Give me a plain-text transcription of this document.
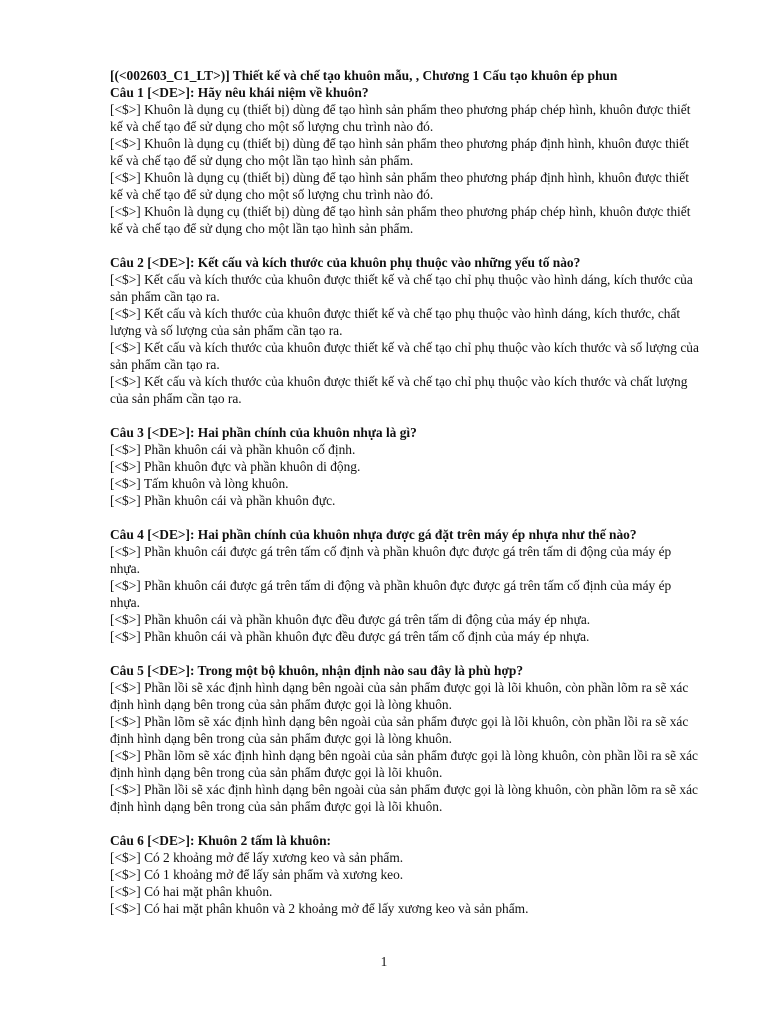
[(<002603_C1_LT>)] Thiết kế và chế tạo khuôn mẫu, , Chương 1 Cấu tạo khuôn ép phun
Câu 1 [<DE>]: Hãy nêu khái niệm về khuôn?
[<$>] Khuôn là dụng cụ (thiết bị) dùng để tạo hình sản phẩm theo phương pháp chép hình, khuôn được thiết kế và chế tạo để sử dụng cho một số lượng chu trình nào đó.
[<$>] Khuôn là dụng cụ (thiết bị) dùng để tạo hình sản phẩm theo phương pháp định hình, khuôn được thiết kế và chế tạo để sử dụng cho một lần tạo hình sản phẩm.
[<$>] Khuôn là dụng cụ (thiết bị) dùng để tạo hình sản phẩm theo phương pháp định hình, khuôn được thiết kế và chế tạo để sử dụng cho một số lượng chu trình nào đó.
[<$>] Khuôn là dụng cụ (thiết bị) dùng để tạo hình sản phẩm theo phương pháp chép hình, khuôn được thiết kế và chế tạo để sử dụng cho một lần tạo hình sản phẩm.
Câu 2 [<DE>]: Kết cấu và kích thước của khuôn phụ thuộc vào những yếu tố nào?
[<$>] Kết cấu và kích thước của khuôn được thiết kế và chế tạo chỉ phụ thuộc vào hình dáng, kích thước của sản phẩm cần tạo ra.
[<$>] Kết cấu và kích thước của khuôn được thiết kế và chế tạo phụ thuộc vào hình dáng, kích thước, chất lượng và số lượng của sản phẩm cần tạo ra.
[<$>] Kết cấu và kích thước của khuôn được thiết kế và chế tạo chỉ phụ thuộc vào kích thước và số lượng của sản phẩm cần tạo ra.
[<$>] Kết cấu và kích thước của khuôn được thiết kế và chế tạo chỉ phụ thuộc vào kích thước và chất lượng của sản phẩm cần tạo ra.
Câu 3 [<DE>]: Hai phần chính của khuôn nhựa là gì?
[<$>] Phần khuôn cái và phần khuôn cố định.
[<$>] Phần khuôn đực và phần khuôn di động.
[<$>] Tấm khuôn và lòng khuôn.
[<$>] Phần khuôn cái và phần khuôn đực.
Câu 4 [<DE>]: Hai phần chính của khuôn nhựa được gá đặt trên máy ép nhựa như thế nào?
[<$>] Phần khuôn cái được gá trên tấm cố định và phần khuôn đực được gá trên tấm di động của máy ép nhựa.
[<$>] Phần khuôn cái được gá trên tấm di động và phần khuôn đực được gá trên tấm cố định của máy ép nhựa.
[<$>] Phần khuôn cái và phần khuôn đực đều được gá trên tấm di động của máy ép nhựa.
[<$>] Phần khuôn cái và phần khuôn đực đều được gá trên tấm cố định của máy ép nhựa.
Câu 5 [<DE>]: Trong một bộ khuôn, nhận định nào sau đây là phù hợp?
[<$>] Phần lồi sẽ xác định hình dạng bên ngoài của sản phẩm được gọi là lõi khuôn, còn phần lõm ra sẽ xác định hình dạng bên trong của sản phẩm được gọi là lòng khuôn.
[<$>] Phần lõm sẽ xác định hình dạng bên ngoài của sản phẩm được gọi là lõi khuôn, còn phần lồi ra sẽ xác định hình dạng bên trong của sản phẩm được gọi là lòng khuôn.
[<$>] Phần lõm sẽ xác định hình dạng bên ngoài của sản phẩm được gọi là lòng khuôn, còn phần lồi ra sẽ xác định hình dạng bên trong của sản phẩm được gọi là lõi khuôn.
[<$>] Phần lồi sẽ xác định hình dạng bên ngoài của sản phẩm được gọi là lòng khuôn, còn phần lõm ra sẽ xác định hình dạng bên trong của sản phẩm được gọi là lõi khuôn.
Câu 6 [<DE>]: Khuôn 2 tấm là khuôn:
[<$>] Có 2 khoảng mở để lấy xương keo và sản phẩm.
[<$>] Có 1 khoảng mở để lấy sản phẩm và xương keo.
[<$>] Có hai mặt phân khuôn.
[<$>] Có hai mặt phân khuôn và 2 khoảng mở để lấy xương keo và sản phẩm.
1
